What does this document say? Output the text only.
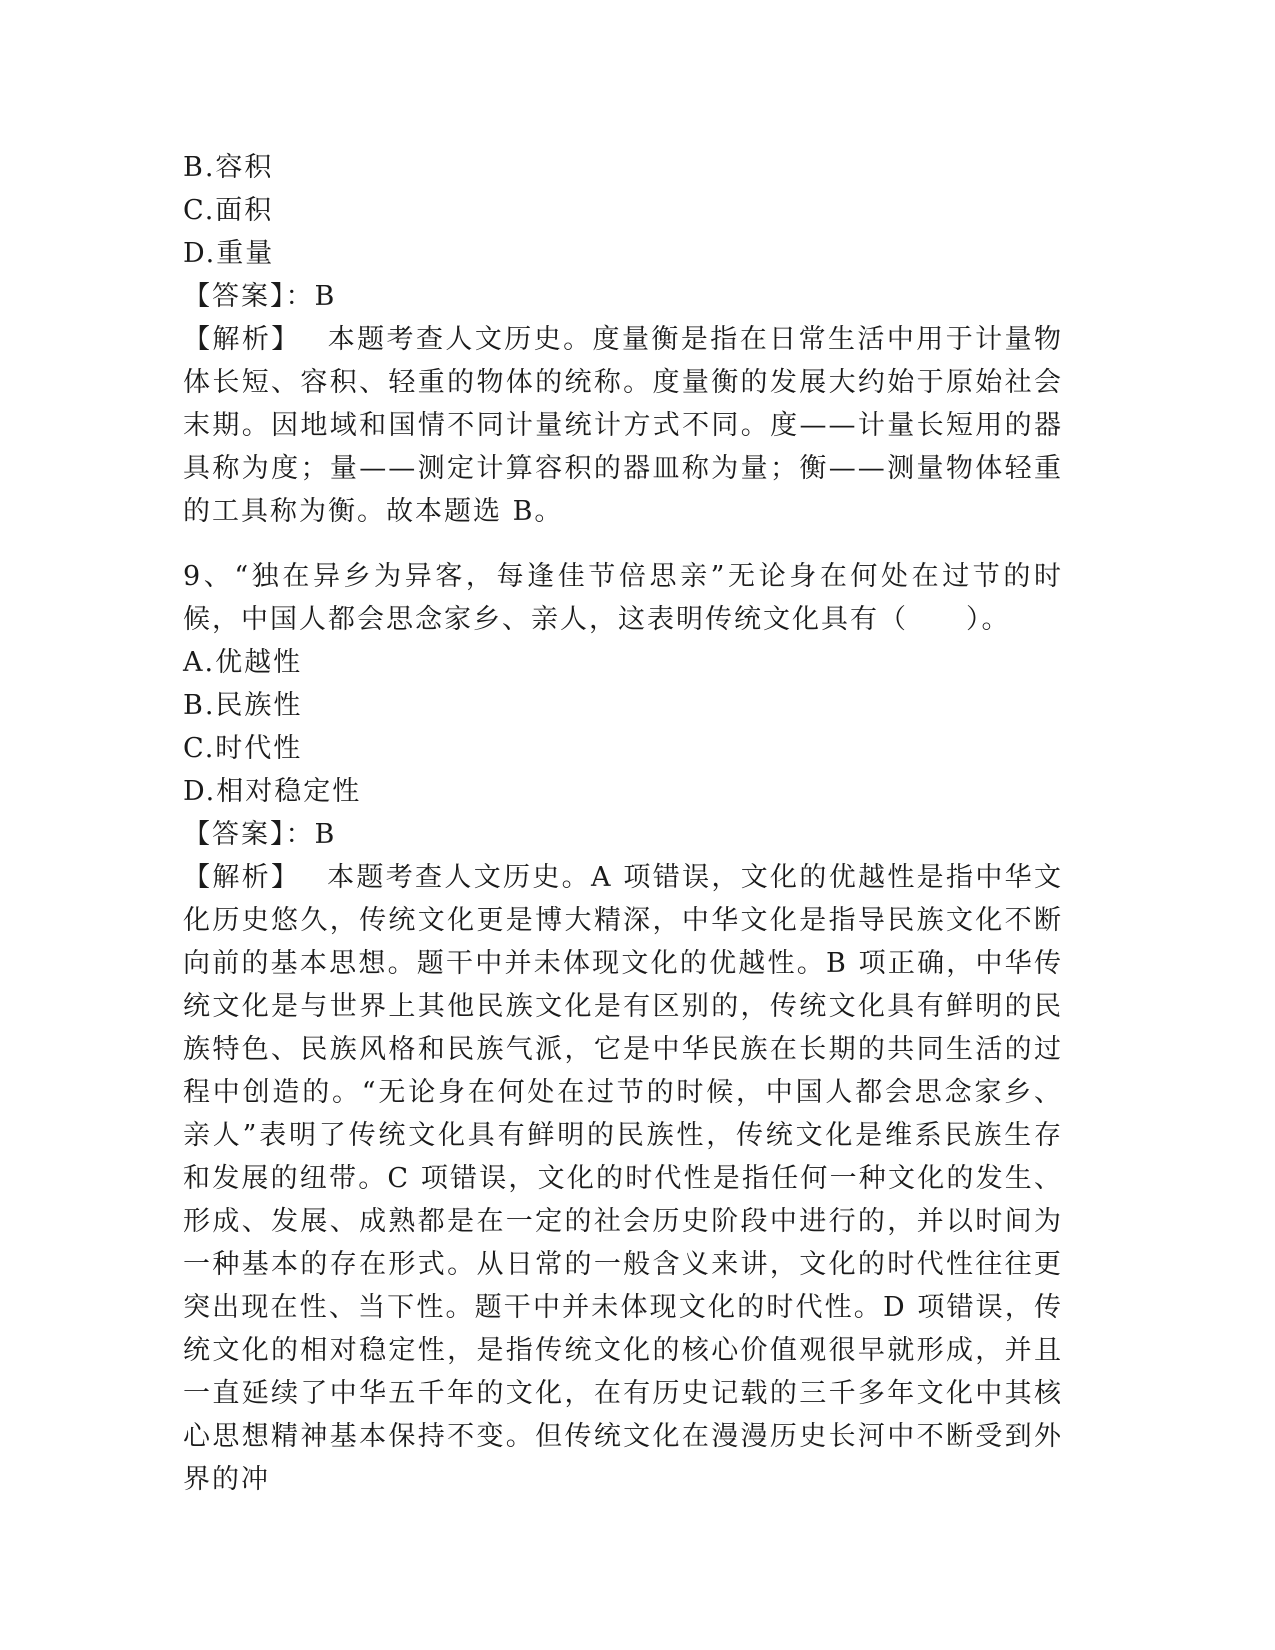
B.容积
C.面积
D.重量
【答案】：B
【解析】　 本题考查人文历史。度量衡是指在日常生活中用于计量物体长短、容积、轻重的物体的统称。度量衡的发展大约始于原始社会末期。因地域和国情不同计量统计方式不同。度——计量长短用的器具称为度；量——测定计算容积的器皿称为量；衡——测量物体轻重的工具称为衡。故本题选 B。
9、“独在异乡为异客，每逢佳节倍思亲”无论身在何处在过节的时候，中国人都会思念家乡、亲人，这表明传统文化具有（　　）。
A.优越性
B.民族性
C.时代性
D.相对稳定性
【答案】：B
【解析】　 本题考查人文历史。A 项错误，文化的优越性是指中华文化历史悠久，传统文化更是博大精深，中华文化是指导民族文化不断向前的基本思想。题干中并未体现文化的优越性。B 项正确，中华传统文化是与世界上其他民族文化是有区别的，传统文化具有鲜明的民族特色、民族风格和民族气派，它是中华民族在长期的共同生活的过程中创造的。“无论身在何处在过节的时候，中国人都会思念家乡、亲人”表明了传统文化具有鲜明的民族性，传统文化是维系民族生存和发展的纽带。C 项错误，文化的时代性是指任何一种文化的发生、形成、发展、成熟都是在一定的社会历史阶段中进行的，并以时间为一种基本的存在形式。从日常的一般含义来讲，文化的时代性往往更突出现在性、当下性。题干中并未体现文化的时代性。D 项错误，传统文化的相对稳定性，是指传统文化的核心价值观很早就形成，并且一直延续了中华五千年的文化，在有历史记载的三千多年文化中其核心思想精神基本保持不变。但传统文化在漫漫历史长河中不断受到外界的冲
